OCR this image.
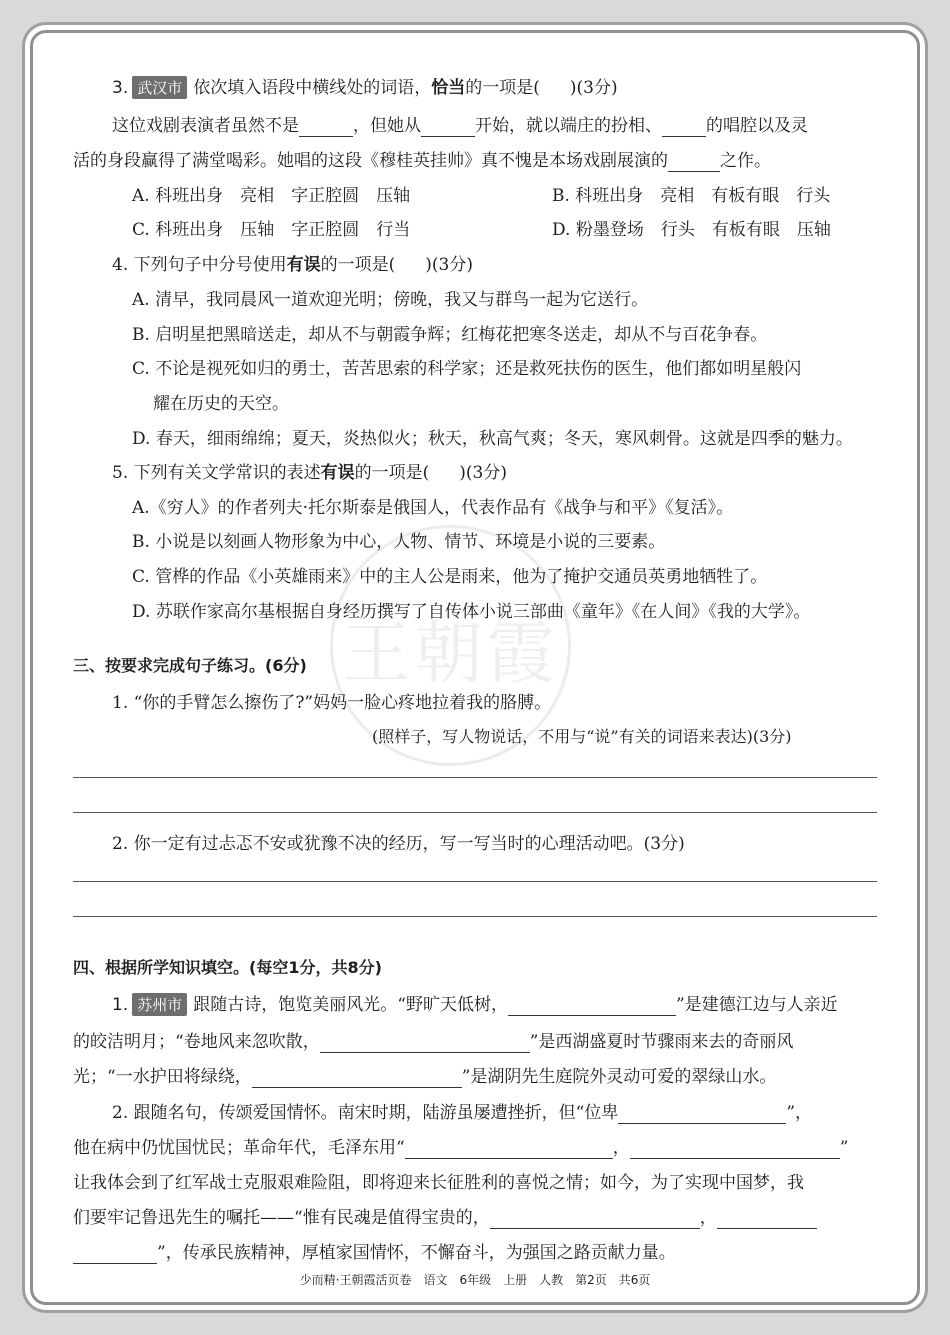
王朝霞
3. 武汉市 依次填入语段中横线处的词语，恰当的一项是( )(3分)
这位戏剧表演者虽然不是	，但她从	开始，就以端庄的扮相、	的唱腔以及灵
活的身段赢得了满堂喝彩。她唱的这段《穆桂英挂帅》真不愧是本场戏剧展演的	之作。
A. 科班出身　亮相　字正腔圆　压轴	B. 科班出身　亮相　有板有眼　行头
C. 科班出身　压轴　字正腔圆　行当	D. 粉墨登场　行头　有板有眼　压轴
4. 下列句子中分号使用有误的一项是( )(3分)
A. 清早，我同晨风一道欢迎光明；傍晚，我又与群鸟一起为它送行。
B. 启明星把黑暗送走，却从不与朝霞争辉；红梅花把寒冬送走，却从不与百花争春。
C. 不论是视死如归的勇士，苦苦思索的科学家；还是救死扶伤的医生，他们都如明星般闪
耀在历史的天空。
D. 春天，细雨绵绵；夏天，炎热似火；秋天，秋高气爽；冬天，寒风刺骨。这就是四季的魅力。
5. 下列有关文学常识的表述有误的一项是( )(3分)
A.《穷人》的作者列夫·托尔斯泰是俄国人，代表作品有《战争与和平》《复活》。
B. 小说是以刻画人物形象为中心，人物、情节、环境是小说的三要素。
C. 管桦的作品《小英雄雨来》中的主人公是雨来，他为了掩护交通员英勇地牺牲了。
D. 苏联作家高尔基根据自身经历撰写了自传体小说三部曲《童年》《在人间》《我的大学》。
三、按要求完成句子练习。(6分)
1. “你的手臂怎么擦伤了?”妈妈一脸心疼地拉着我的胳膊。
(照样子，写人物说话，不用与“说”有关的词语来表达)(3分)
2. 你一定有过忐忑不安或犹豫不决的经历，写一写当时的心理活动吧。(3分)
四、根据所学知识填空。(每空1分，共8分)
1. 苏州市 跟随古诗，饱览美丽风光。“野旷天低树，	”是建德江边与人亲近
的皎洁明月；“卷地风来忽吹散，	”是西湖盛夏时节骤雨来去的奇丽风
光；“一水护田将绿绕，	”是湖阴先生庭院外灵动可爱的翠绿山水。
2. 跟随名句，传颂爱国情怀。南宋时期，陆游虽屡遭挫折，但“位卑	”，
他在病中仍忧国忧民；革命年代，毛泽东用“	，	”
让我体会到了红军战士克服艰难险阻，即将迎来长征胜利的喜悦之情；如今，为了实现中国梦，我
们要牢记鲁迅先生的嘱托——“惟有民魂是值得宝贵的，	，
”，传承民族精神，厚植家国情怀，不懈奋斗，为强国之路贡献力量。
少而精·王朝霞活页卷　语文　6年级　上册　人教　第2页　共6页
